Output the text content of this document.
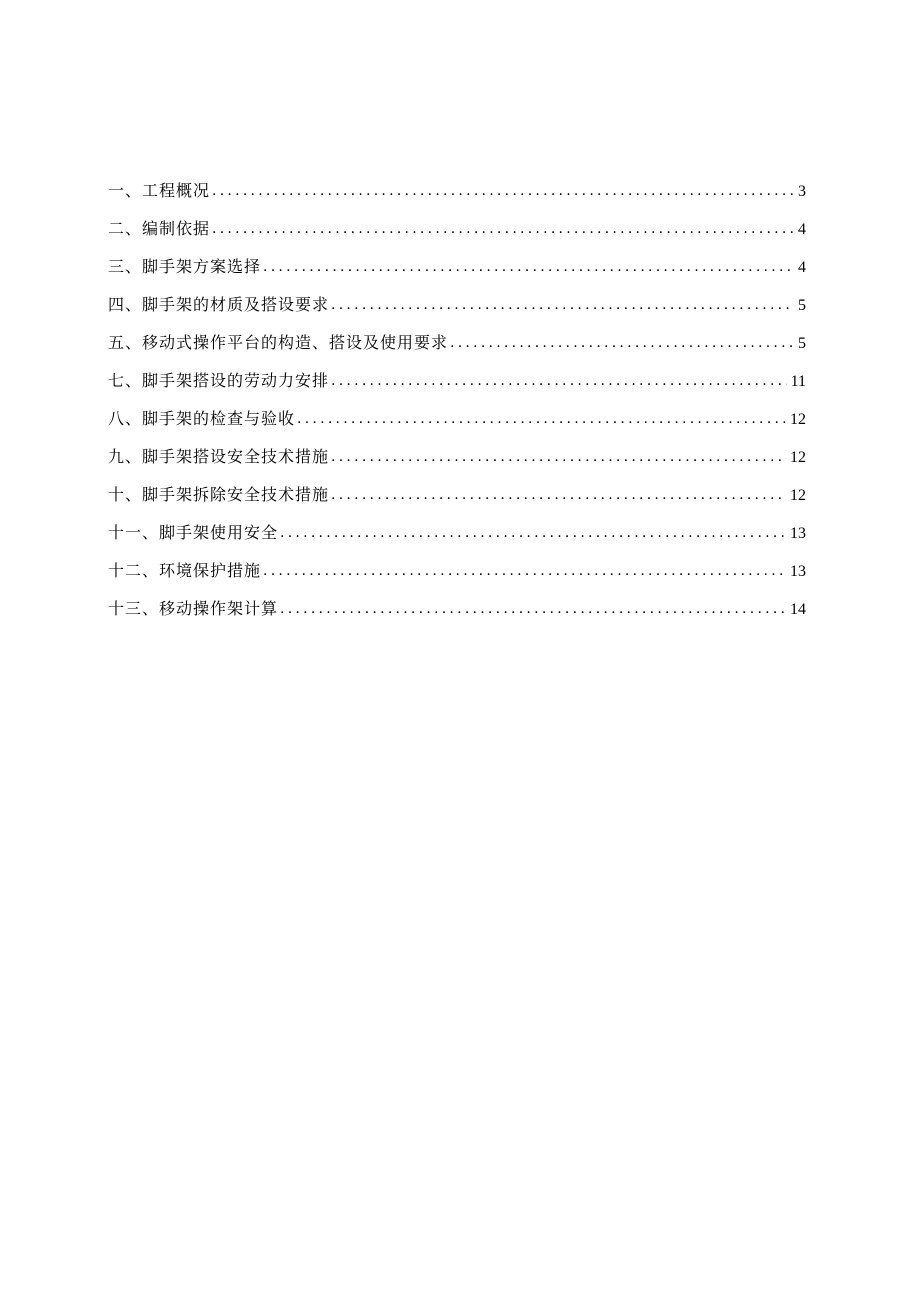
一、工程概况 . . .	3
二、编制依据 . . .	4
三、脚手架方案选择 . . .	4
四、脚手架的材质及搭设要求 . . .	5
五、移动式操作平台的构造、搭设及使用要求 . . .	5
七、脚手架搭设的劳动力安排 . . .	11
八、脚手架的检查与验收 . . .	12
九、脚手架搭设安全技术措施 . . .	12
十、脚手架拆除安全技术措施 . . .	12
十一、脚手架使用安全 . . .	13
十二、环境保护措施 . . .	13
十三、移动操作架计算 . . .	14
